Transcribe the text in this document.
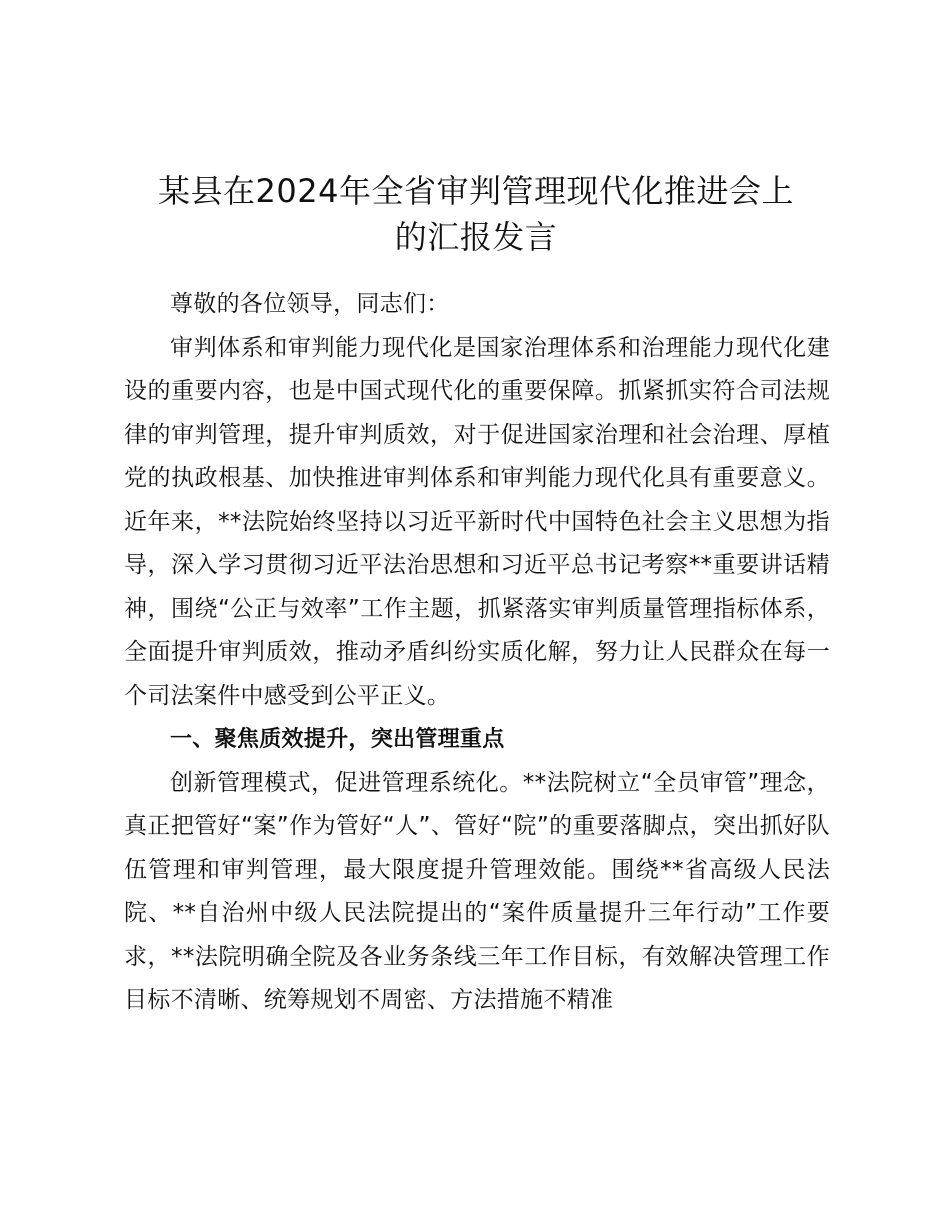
某县在2024年全省审判管理现代化推进会上
的汇报发言

尊敬的各位领导，同志们：

审判体系和审判能力现代化是国家治理体系和治理能力现代化建设的重要内容，也是中国式现代化的重要保障。抓紧抓实符合司法规律的审判管理，提升审判质效，对于促进国家治理和社会治理、厚植党的执政根基、加快推进审判体系和审判能力现代化具有重要意义。近年来，**法院始终坚持以习近平新时代中国特色社会主义思想为指导，深入学习贯彻习近平法治思想和习近平总书记考察**重要讲话精神，围绕“公正与效率”工作主题，抓紧落实审判质量管理指标体系，全面提升审判质效，推动矛盾纠纷实质化解，努力让人民群众在每一个司法案件中感受到公平正义。

一、聚焦质效提升，突出管理重点

创新管理模式，促进管理系统化。**法院树立“全员审管”理念，真正把管好“案”作为管好“人”、管好“院”的重要落脚点，突出抓好队伍管理和审判管理，最大限度提升管理效能。围绕**省高级人民法院、**自治州中级人民法院提出的“案件质量提升三年行动”工作要求，**法院明确全院及各业务条线三年工作目标，有效解决管理工作目标不清晰、统筹规划不周密、方法措施不精准
